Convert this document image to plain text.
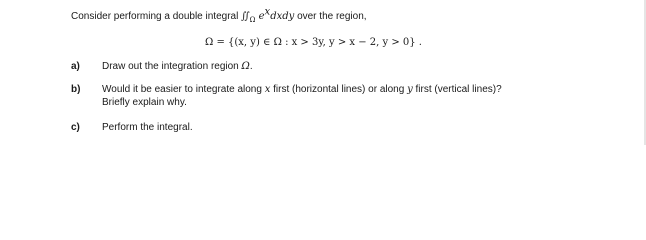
Consider performing a double integral $∬_\Omega$ $e^xdxdy$ over the region,
Ω = {(x, y) ∈ Ω : x > 3y, y > x − 2, y > 0} .
a) Draw out the integration region Ω.
b) Would it be easier to integrate along x first (horizontal lines) or along y first (vertical lines)?
Briefly explain why.
c) Perform the integral.
